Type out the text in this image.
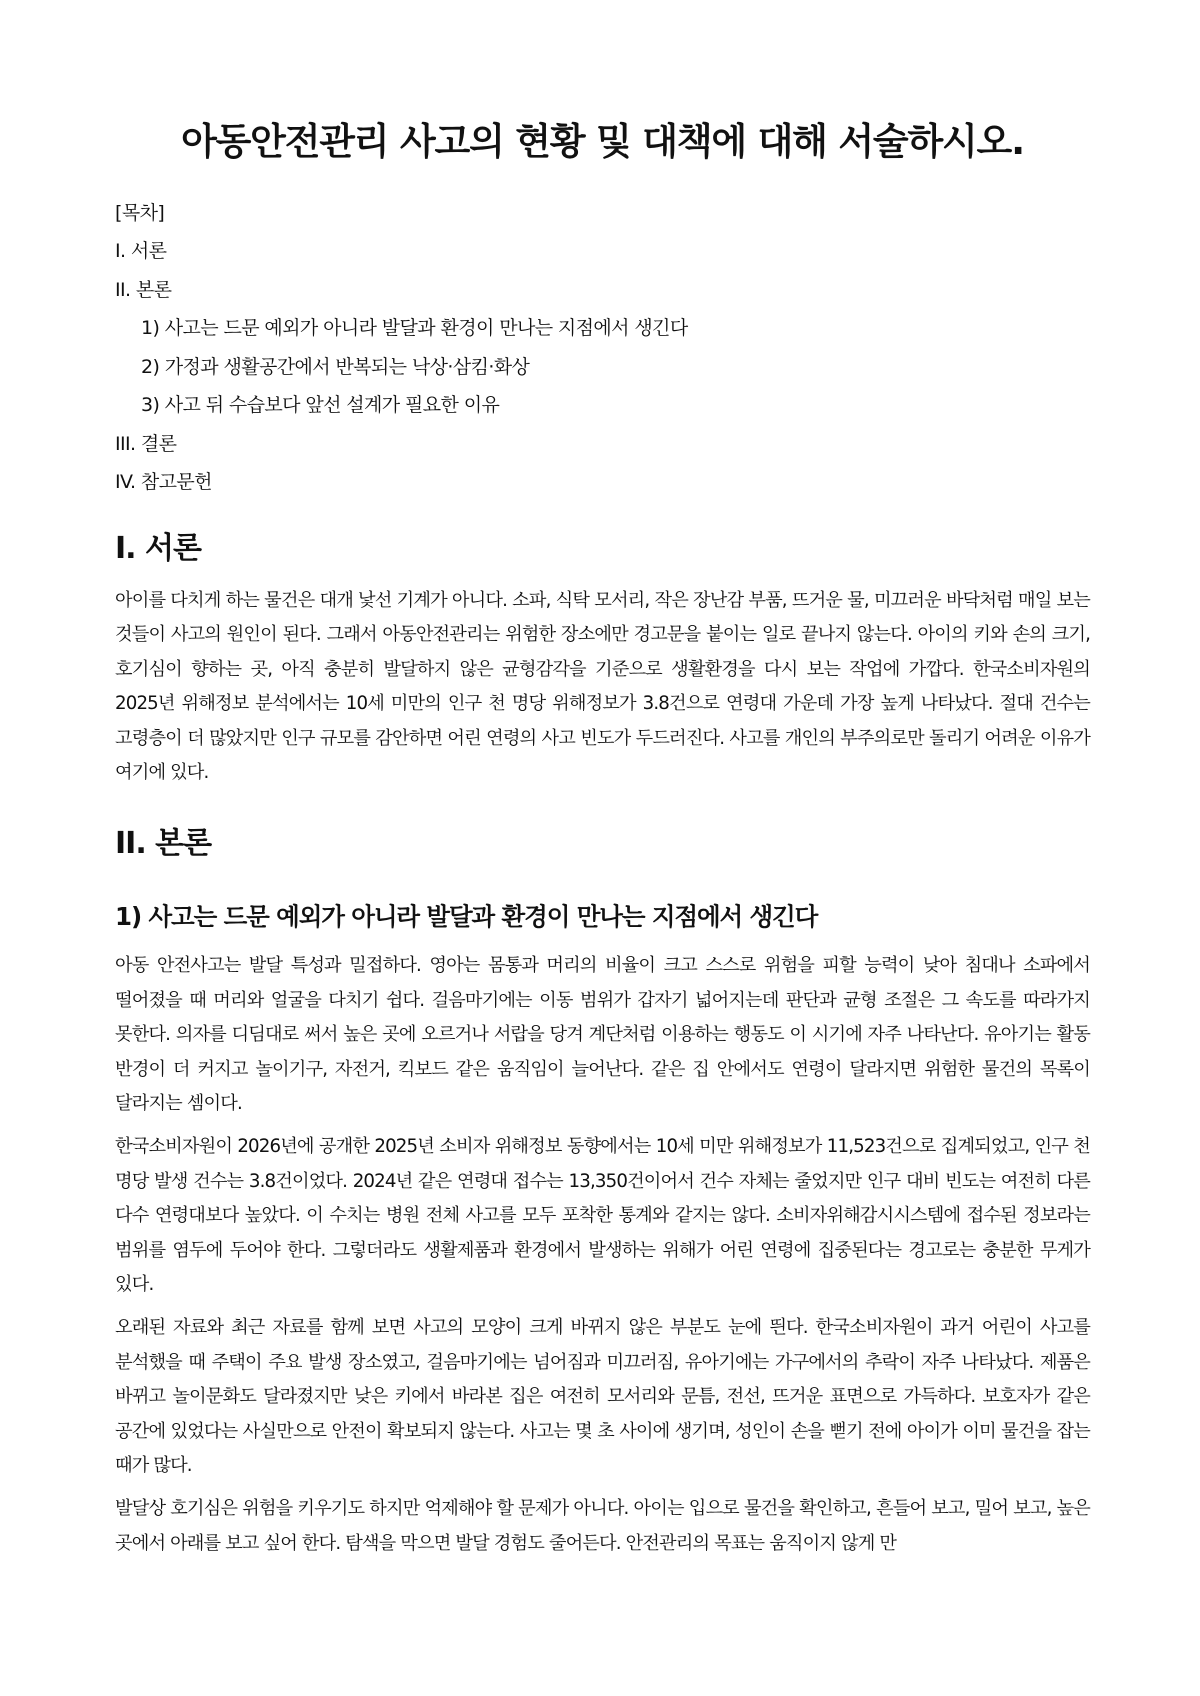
아동안전관리 사고의 현황 및 대책에 대해 서술하시오.

[목차]

I. 서론
II. 본론
1) 사고는 드문 예외가 아니라 발달과 환경이 만나는 지점에서 생긴다
2) 가정과 생활공간에서 반복되는 낙상·삼킴·화상
3) 사고 뒤 수습보다 앞선 설계가 필요한 이유
III. 결론
IV. 참고문헌
I. 서론

아이를 다치게 하는 물건은 대개 낯선 기계가 아니다. 소파, 식탁 모서리, 작은 장난감 부품, 뜨거운 물, 미끄러운 바닥처럼 매일 보는 것들이 사고의 원인이 된다. 그래서 아동안전관리는 위험한 장소에만 경고문을 붙이는 일로 끝나지 않는다. 아이의 키와 손의 크기, 호기심이 향하는 곳, 아직 충분히 발달하지 않은 균형감각을 기준으로 생활환경을 다시 보는 작업에 가깝다. 한국소비자원의 2025년 위해정보 분석에서는 10세 미만의 인구 천 명당 위해정보가 3.8건으로 연령대 가운데 가장 높게 나타났다. 절대 건수는 고령층이 더 많았지만 인구 규모를 감안하면 어린 연령의 사고 빈도가 두드러진다. 사고를 개인의 부주의로만 돌리기 어려운 이유가 여기에 있다.

II. 본론
1) 사고는 드문 예외가 아니라 발달과 환경이 만나는 지점에서 생긴다

아동 안전사고는 발달 특성과 밀접하다. 영아는 몸통과 머리의 비율이 크고 스스로 위험을 피할 능력이 낮아 침대나 소파에서 떨어졌을 때 머리와 얼굴을 다치기 쉽다. 걸음마기에는 이동 범위가 갑자기 넓어지는데 판단과 균형 조절은 그 속도를 따라가지 못한다. 의자를 디딤대로 써서 높은 곳에 오르거나 서랍을 당겨 계단처럼 이용하는 행동도 이 시기에 자주 나타난다. 유아기는 활동 반경이 더 커지고 놀이기구, 자전거, 킥보드 같은 움직임이 늘어난다. 같은 집 안에서도 연령이 달라지면 위험한 물건의 목록이 달라지는 셈이다.

한국소비자원이 2026년에 공개한 2025년 소비자 위해정보 동향에서는 10세 미만 위해정보가 11,523건으로 집계되었고, 인구 천 명당 발생 건수는 3.8건이었다. 2024년 같은 연령대 접수는 13,350건이어서 건수 자체는 줄었지만 인구 대비 빈도는 여전히 다른 다수 연령대보다 높았다. 이 수치는 병원 전체 사고를 모두 포착한 통계와 같지는 않다. 소비자위해감시시스템에 접수된 정보라는 범위를 염두에 두어야 한다. 그렇더라도 생활제품과 환경에서 발생하는 위해가 어린 연령에 집중된다는 경고로는 충분한 무게가 있다.

오래된 자료와 최근 자료를 함께 보면 사고의 모양이 크게 바뀌지 않은 부분도 눈에 띈다. 한국소비자원이 과거 어린이 사고를 분석했을 때 주택이 주요 발생 장소였고, 걸음마기에는 넘어짐과 미끄러짐, 유아기에는 가구에서의 추락이 자주 나타났다. 제품은 바뀌고 놀이문화도 달라졌지만 낮은 키에서 바라본 집은 여전히 모서리와 문틈, 전선, 뜨거운 표면으로 가득하다. 보호자가 같은 공간에 있었다는 사실만으로 안전이 확보되지 않는다. 사고는 몇 초 사이에 생기며, 성인이 손을 뻗기 전에 아이가 이미 물건을 잡는 때가 많다.

발달상 호기심은 위험을 키우기도 하지만 억제해야 할 문제가 아니다. 아이는 입으로 물건을 확인하고, 흔들어 보고, 밀어 보고, 높은 곳에서 아래를 보고 싶어 한다. 탐색을 막으면 발달 경험도 줄어든다. 안전관리의 목표는 움직이지 않게 만
